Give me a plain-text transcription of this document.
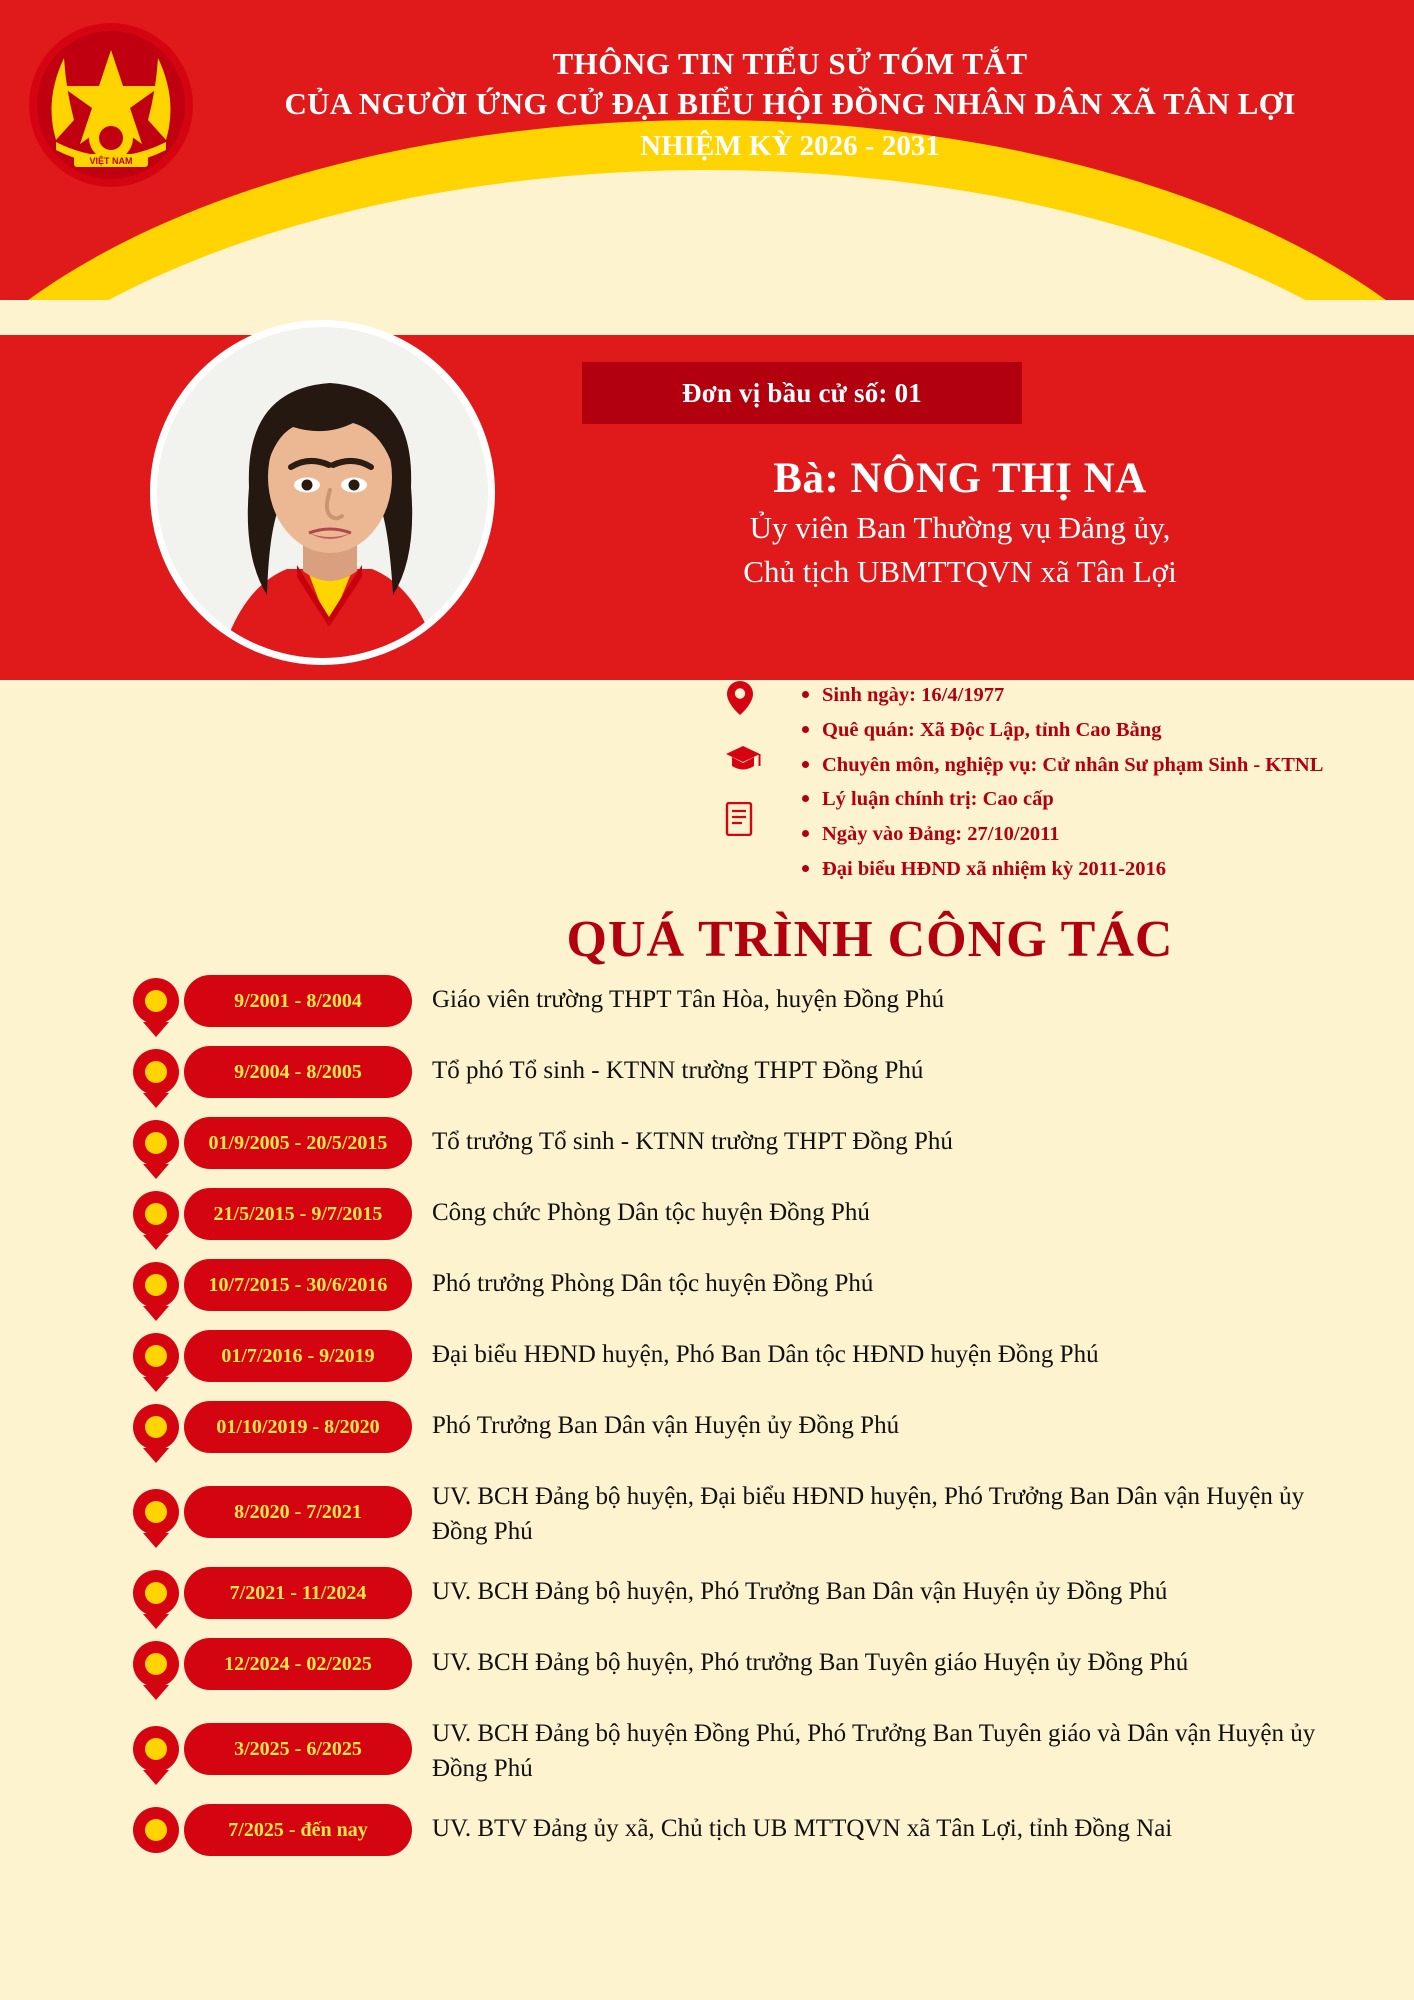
THÔNG TIN TIỂU SỬ TÓM TẮT
CỦA NGƯỜI ỨNG CỬ ĐẠI BIỂU HỘI ĐỒNG NHÂN DÂN XÃ TÂN LỢI
NHIỆM KỲ 2026 - 2031
VIỆT NAM
Đơn vị bầu cử số: 01
Bà: NÔNG THỊ NA
Ủy viên Ban Thường vụ Đảng ủy,
Chủ tịch UBMTTQVN xã Tân Lợi
Sinh ngày: 16/4/1977
Quê quán: Xã Độc Lập, tỉnh Cao Bằng
Chuyên môn, nghiệp vụ: Cử nhân Sư phạm Sinh - KTNL
Lý luận chính trị: Cao cấp
Ngày vào Đảng: 27/10/2011
Đại biểu HĐND xã nhiệm kỳ 2011-2016
QUÁ TRÌNH CÔNG TÁC
9/2001 - 8/2004	Giáo viên trường THPT Tân Hòa, huyện Đồng Phú
9/2004 - 8/2005	Tổ phó Tổ sinh - KTNN trường THPT Đồng Phú
01/9/2005 - 20/5/2015	Tổ trưởng Tổ sinh - KTNN trường THPT Đồng Phú
21/5/2015 - 9/7/2015	Công chức Phòng Dân tộc huyện Đồng Phú
10/7/2015 - 30/6/2016	Phó trưởng Phòng Dân tộc huyện Đồng Phú
01/7/2016 - 9/2019	Đại biểu HĐND huyện, Phó Ban Dân tộc HĐND huyện Đồng Phú
01/10/2019 - 8/2020	Phó Trưởng Ban Dân vận Huyện ủy Đồng Phú
8/2020 - 7/2021
UV. BCH Đảng bộ huyện, Đại biểu HĐND huyện, Phó Trưởng Ban Dân vận Huyện ủy Đồng Phú
7/2021 - 11/2024	UV. BCH Đảng bộ huyện, Phó Trưởng Ban Dân vận Huyện ủy Đồng Phú
12/2024 - 02/2025	UV. BCH Đảng bộ huyện, Phó trưởng Ban Tuyên giáo Huyện ủy Đồng Phú
3/2025 - 6/2025
UV. BCH Đảng bộ huyện Đồng Phú, Phó Trưởng Ban Tuyên giáo và Dân vận Huyện ủy Đồng Phú
7/2025 - đến nay	UV. BTV Đảng ủy xã, Chủ tịch UB MTTQVN xã Tân Lợi, tỉnh Đồng Nai
